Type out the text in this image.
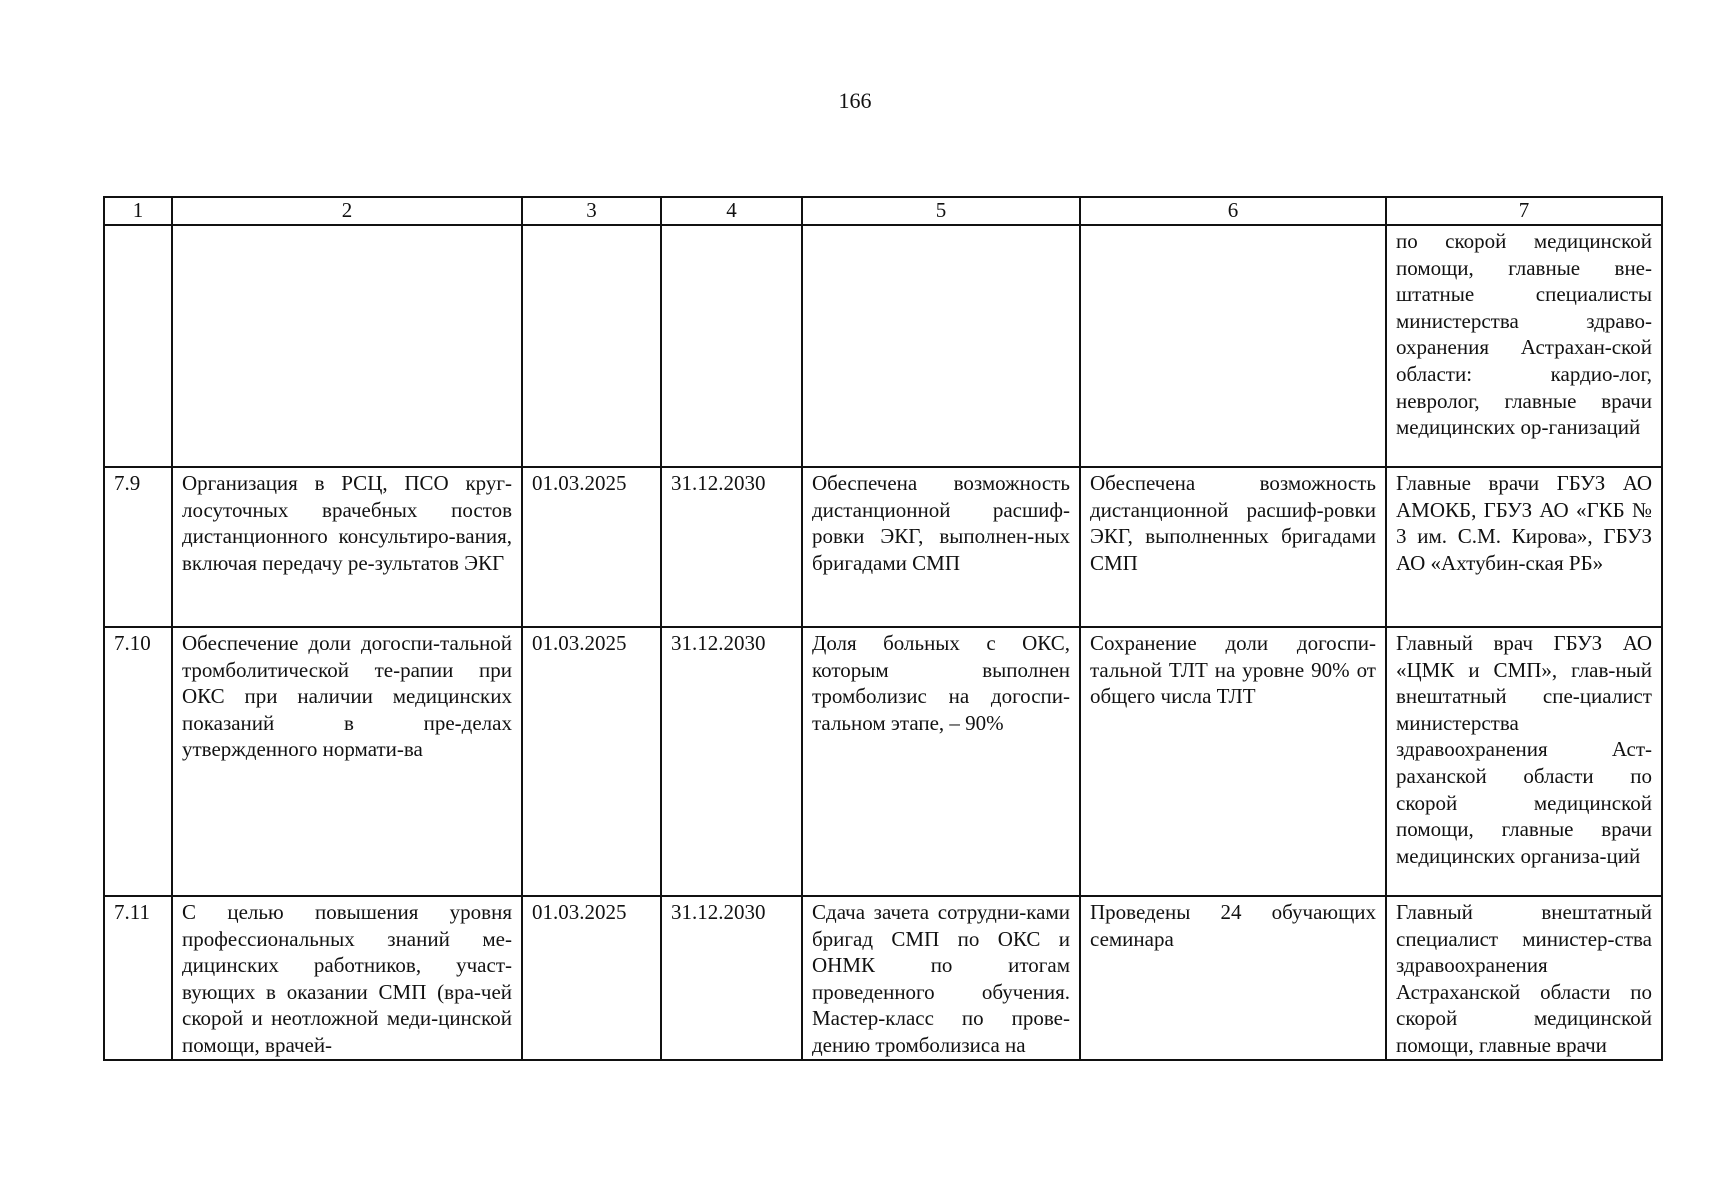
166
1	2	3	4	5	6	7
						по скорой медицинской помощи, главные вне-штатные специалисты министерства здраво-охранения Астрахан-ской области: кардио-лог, невролог, главные врачи медицинских ор-ганизаций
7.9	Организация в РСЦ, ПСО круг-лосуточных врачебных постов дистанционного консультиро-вания, включая передачу ре-зультатов ЭКГ	01.03.2025	31.12.2030	Обеспечена возможность дистанционной расшиф-ровки ЭКГ, выполнен-ных бригадами СМП	Обеспечена возможность дистанционной расшиф-ровки ЭКГ, выполненных бригадами СМП	Главные врачи ГБУЗ АО АМОКБ, ГБУЗ АО «ГКБ № 3 им. С.М. Кирова», ГБУЗ АО «Ахтубин-ская РБ»
7.10	Обеспечение доли догоспи-тальной тромболитической те-рапии при ОКС при наличии медицинских показаний в пре-делах утвержденного нормати-ва	01.03.2025	31.12.2030	Доля больных с ОКС, которым выполнен тромболизис на догоспи-тальном этапе, – 90%	Сохранение доли догоспи-тальной ТЛТ на уровне 90% от общего числа ТЛТ	Главный врач ГБУЗ АО «ЦМК и СМП», глав-ный внештатный спе-циалист министерства здравоохранения Аст-раханской области по скорой медицинской помощи, главные врачи медицинских организа-ций
7.11	С целью повышения уровня профессиональных знаний ме-дицинских работников, участ-вующих в оказании СМП (вра-чей скорой и неотложной меди-цинской помощи, врачей-	01.03.2025	31.12.2030	Сдача зачета сотрудни-ками бригад СМП по ОКС и ОНМК по итогам проведенного обучения. Мастер-класс по прове-дению тромболизиса на	Проведены 24 обучающих семинара	Главный внештатный специалист министер-ства здравоохранения Астраханской области по скорой медицинской помощи, главные врачи
